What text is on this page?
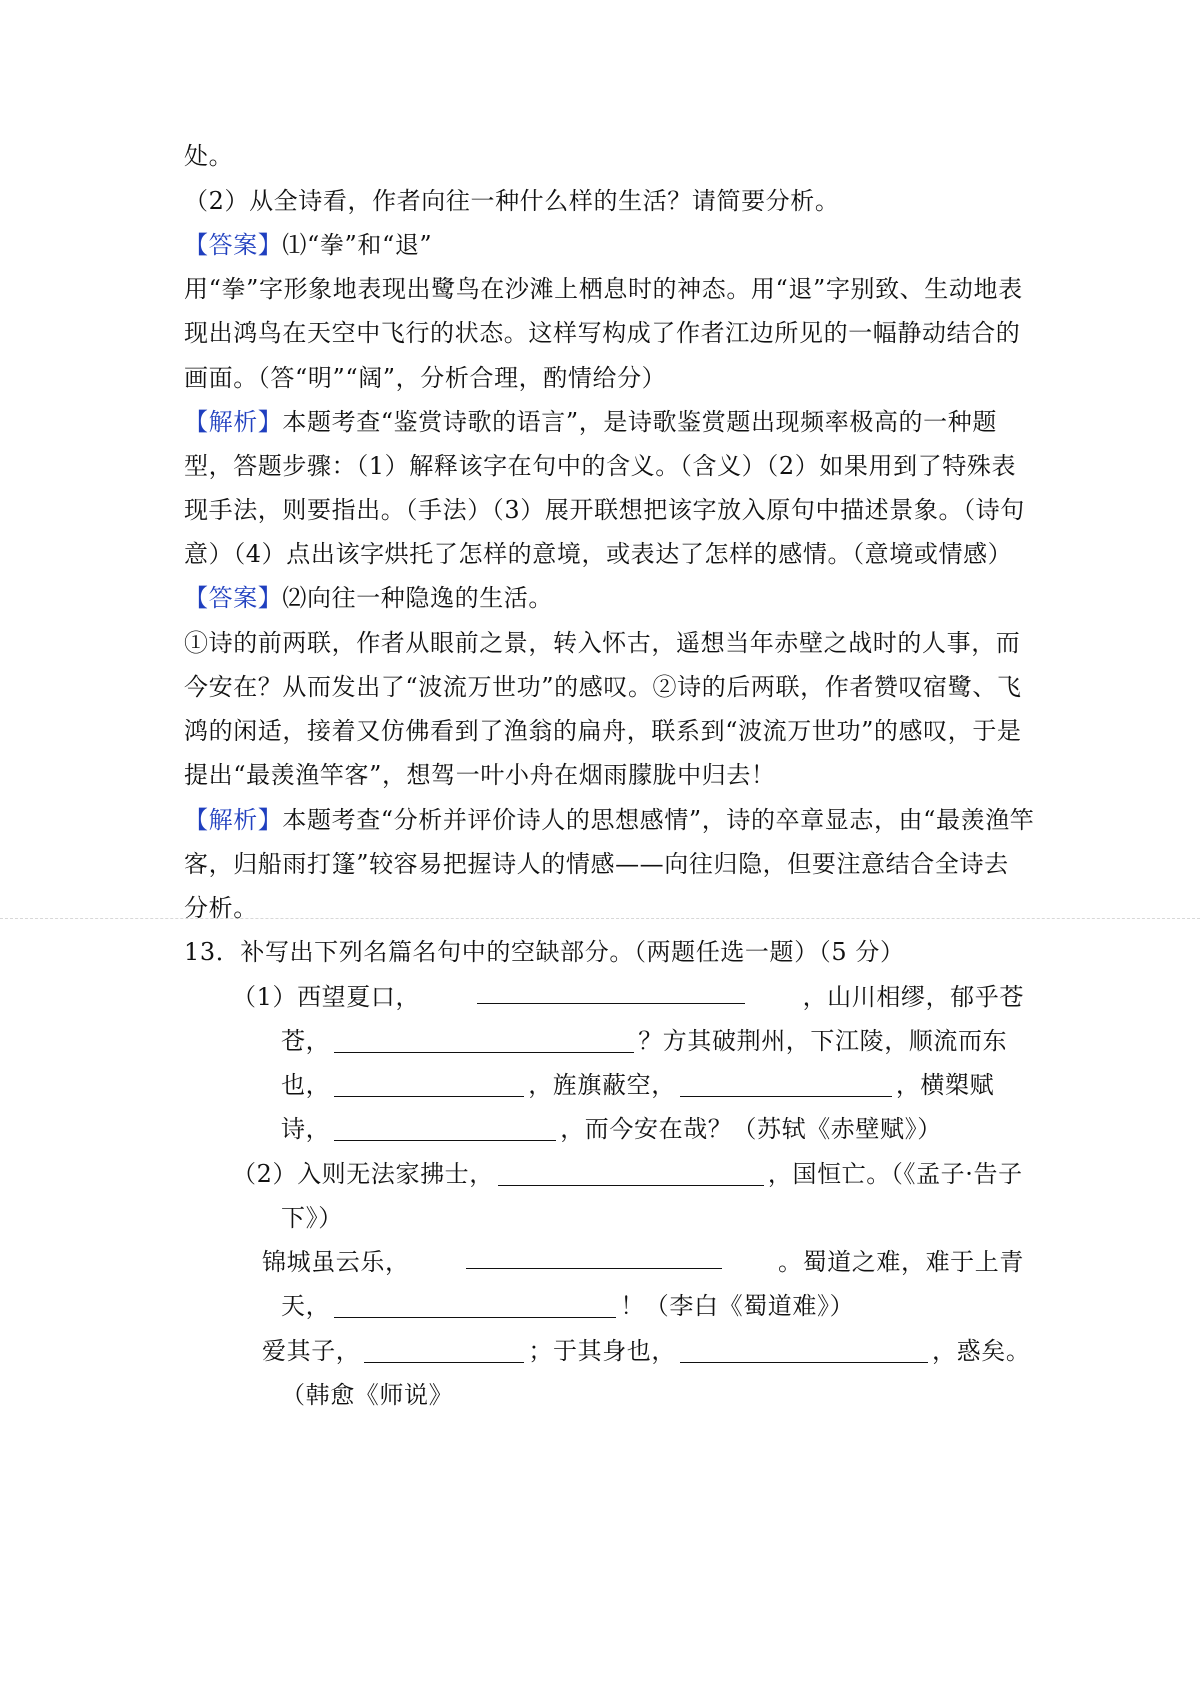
处。
（2）从全诗看，作者向往一种什么样的生活？请简要分析。
【答案】⑴“拳”和“退”
用“拳”字形象地表现出鹭鸟在沙滩上栖息时的神态。用“退”字别致、生动地表
现出鸿鸟在天空中飞行的状态。这样写构成了作者江边所见的一幅静动结合的
画面。（答“明”“阔”，分析合理，酌情给分）
【解析】本题考查“鉴赏诗歌的语言”，是诗歌鉴赏题出现频率极高的一种题
型，答题步骤：（1）解释该字在句中的含义。（含义）（2）如果用到了特殊表
现手法，则要指出。（手法）（3）展开联想把该字放入原句中描述景象。（诗句
意）（4）点出该字烘托了怎样的意境，或表达了怎样的感情。（意境或情感）
【答案】⑵向往一种隐逸的生活。
①诗的前两联，作者从眼前之景，转入怀古，遥想当年赤壁之战时的人事，而
今安在？从而发出了“波流万世功”的感叹。②诗的后两联，作者赞叹宿鹭、飞
鸿的闲适，接着又仿佛看到了渔翁的扁舟，联系到“波流万世功”的感叹，于是
提出“最羡渔竿客”，想驾一叶小舟在烟雨朦胧中归去！
【解析】本题考查“分析并评价诗人的思想感情”，诗的卒章显志，由“最羡渔竿
客，归船雨打篷”较容易把握诗人的情感——向往归隐，但要注意结合全诗去
分析。
13．补写出下列名篇名句中的空缺部分。（两题任选一题）（5 分）
（1）西望夏口，	，山川相缪，郁乎苍
苍，	？方其破荆州，下江陵，顺流而东
也，	，旌旗蔽空，	，横槊赋
诗，	，而今安在哉？（苏轼《赤壁赋》）
（2）入则无法家拂士，	，国恒亡。（《孟子·告子
下》）
锦城虽云乐，	。蜀道之难，难于上青
天，	！（李白《蜀道难》）
爱其子，	；于其身也，	，惑矣。
（韩愈《师说》
